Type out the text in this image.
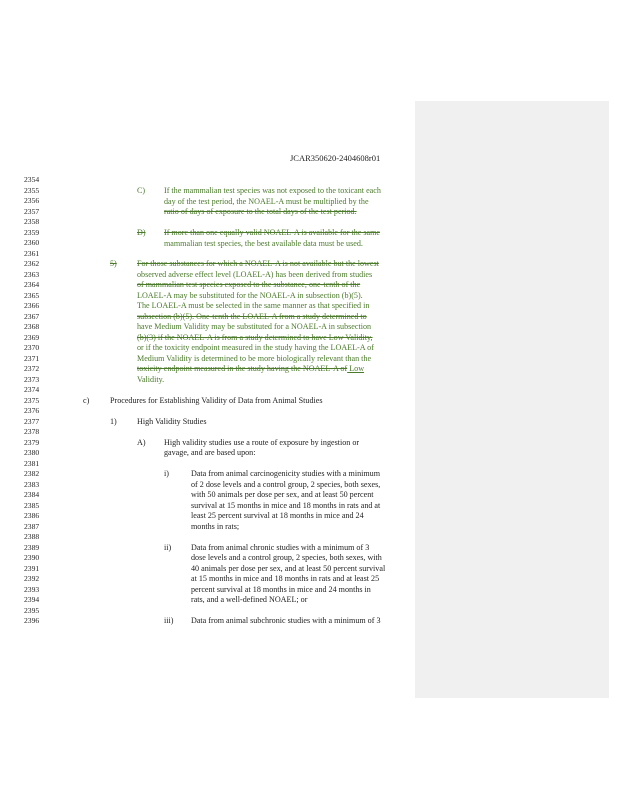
JCAR350620-2404608r01
2354
2355
2356
2357
2358
2359
2360
2361
2362
2363
2364
2365
2366
2367
2368
2369
2370
2371
2372
2373
2374
2375
2376
2377
2378
2379
2380
2381
2382
2383
2384
2385
2386
2387
2388
2389
2390
2391
2392
2393
2394
2395
2396
C) If the mammalian test species was not exposed to the toxicant each
day of the test period, the NOAEL-A must be multiplied by the
ratio of days of exposure to the total days of the test period.
D) If more than one equally valid NOAEL-A is available for the same
mammalian test species, the best available data must be used.
5)	For those substances for which a NOAEL-A is not available but the lowest
observed adverse effect level (LOAEL-A) has been derived from studies
of mammalian test species exposed to the substance, one-tenth of the
LOAEL-A may be substituted for the NOAEL-A in subsection (b)(5).
The LOAEL-A must be selected in the same manner as that specified in
subsection (b)(5). One-tenth the LOAEL-A from a study determined to
have Medium Validity may be substituted for a NOAEL-A in subsection
(b)(3) if the NOAEL-A is from a study determined to have Low Validity,
or if the toxicity endpoint measured in the study having the LOAEL-A of
Medium Validity is determined to be more biologically relevant than the
toxicity endpoint measured in the study having the NOAEL-A of Low
Validity.
c)	Procedures for Establishing Validity of Data from Animal Studies
1)	High Validity Studies
A) High validity studies use a route of exposure by ingestion or
gavage, and are based upon:
i)	Data from animal carcinogenicity studies with a minimum
of 2 dose levels and a control group, 2 species, both sexes,
with 50 animals per dose per sex, and at least 50 percent
survival at 15 months in mice and 18 months in rats and at
least 25 percent survival at 18 months in mice and 24
months in rats;
ii) Data from animal chronic studies with a minimum of 3
dose levels and a control group, 2 species, both sexes, with
40 animals per dose per sex, and at least 50 percent survival
at 15 months in mice and 18 months in rats and at least 25
percent survival at 18 months in mice and 24 months in
rats, and a well-defined NOAEL; or
iii) Data from animal subchronic studies with a minimum of 3
